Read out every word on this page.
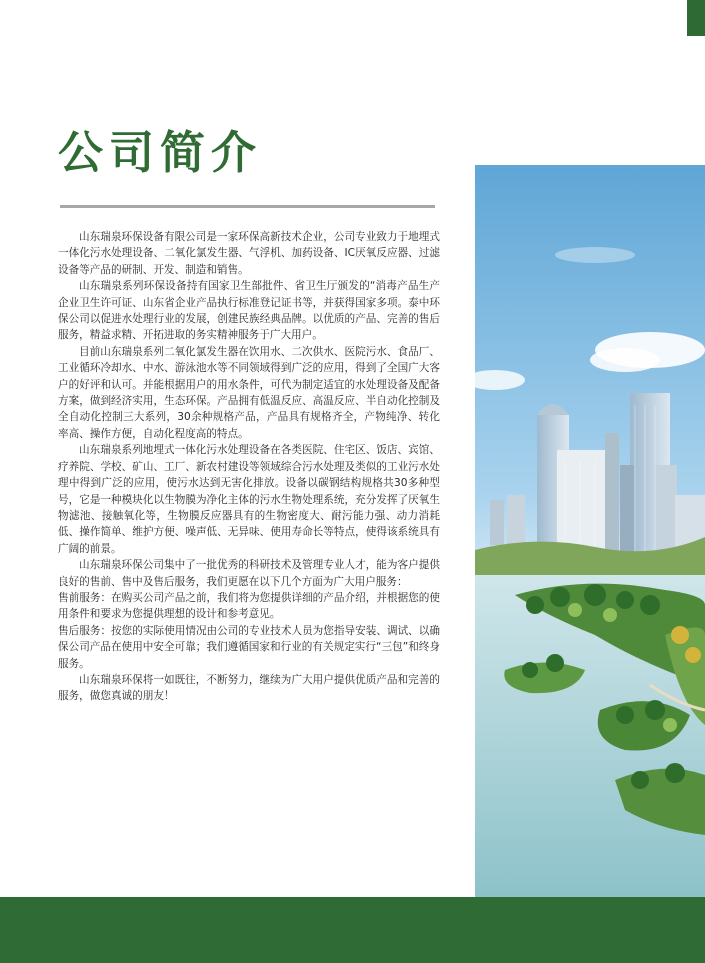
公司简介

山东瑞泉环保设备有限公司是一家环保高新技术企业，公司专业致力于地埋式一体化污水处理设备、二氧化氯发生器、气浮机、加药设备、IC厌氧反应器、过滤设备等产品的研制、开发、制造和销售。

山东瑞泉系列环保设备持有国家卫生部批件、省卫生厅颁发的“消毒产品生产企业卫生许可证、山东省企业产品执行标准登记证书等，并获得国家多项。泰中环保公司以促进水处理行业的发展，创建民族经典品牌。以优质的产品、完善的售后服务，精益求精、开拓进取的务实精神服务于广大用户。

目前山东瑞泉系列二氧化氯发生器在饮用水、二次供水、医院污水、食品厂、工业循环冷却水、中水、游泳池水等不同领域得到广泛的应用，得到了全国广大客户的好评和认可。并能根据用户的用水条件，可代为制定适宜的水处理设备及配备方案，做到经济实用，生态环保。产品拥有低温反应、高温反应、半自动化控制及全自动化控制三大系列，30余种规格产品，产品具有规格齐全，产物纯净、转化率高、操作方便，自动化程度高的特点。

山东瑞泉系列地埋式一体化污水处理设备在各类医院、住宅区、饭店、宾馆、疗养院、学校、矿山、工厂、新农村建设等领域综合污水处理及类似的工业污水处理中得到广泛的应用，使污水达到无害化排放。设备以碳钢结构规格共30多种型号，它是一种模块化以生物膜为净化主体的污水生物处理系统，充分发挥了厌氧生物滤池、接触氧化等，生物膜反应器具有的生物密度大、耐污能力强、动力消耗低、操作简单、维护方便、噪声低、无异味、使用寿命长等特点，使得该系统具有广阔的前景。

山东瑞泉环保公司集中了一批优秀的科研技术及管理专业人才，能为客户提供良好的售前、售中及售后服务，我们更愿在以下几个方面为广大用户服务：

售前服务：在购买公司产品之前，我们将为您提供详细的产品介绍，并根据您的使用条件和要求为您提供理想的设计和参考意见。

售后服务：按您的实际使用情况由公司的专业技术人员为您指导安装、调试、以确保公司产品在使用中安全可靠；我们遵循国家和行业的有关规定实行“三包”和终身服务。

山东瑞泉环保将一如既往，不断努力，继续为广大用户提供优质产品和完善的服务，做您真诚的朋友！
